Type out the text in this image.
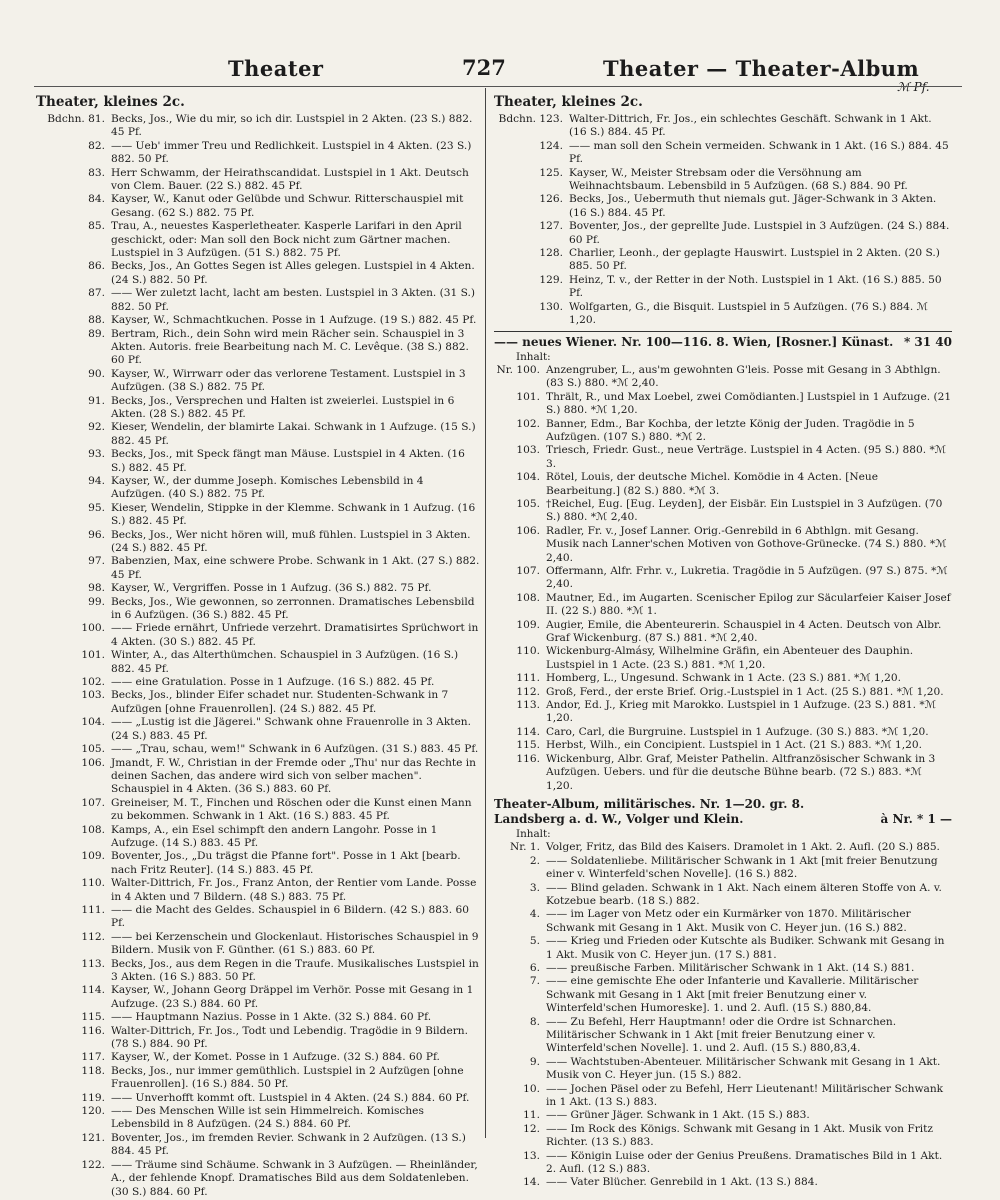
Theater	727	Theater — Theater-Album
ℳ Pf.
Theater, kleines 2c.
Bdchn. 81. Becks, Jos., Wie du mir, so ich dir. Lustspiel in 2 Akten. (23 S.) 882. 45 Pf.
82. —— Ueb' immer Treu und Redlichkeit. Lustspiel in 4 Akten. (23 S.) 882. 50 Pf.
83. Herr Schwamm, der Heirathscandidat. Lustspiel in 1 Akt. Deutsch von Clem. Bauer. (22 S.) 882. 45 Pf.
84. Kayser, W., Kanut oder Gelübde und Schwur. Ritterschauspiel mit Gesang. (62 S.) 882. 75 Pf.
85. Trau, A., neuestes Kasperletheater. Kasperle Larifari in den April geschickt, oder: Man soll den Bock nicht zum Gärtner machen. Lustspiel in 3 Aufzügen. (51 S.) 882. 75 Pf.
86. Becks, Jos., An Gottes Segen ist Alles gelegen. Lustspiel in 4 Akten. (24 S.) 882. 50 Pf.
87. —— Wer zuletzt lacht, lacht am besten. Lustspiel in 3 Akten. (31 S.) 882. 50 Pf.
88. Kayser, W., Schmachtkuchen. Posse in 1 Aufzuge. (19 S.) 882. 45 Pf.
89. Bertram, Rich., dein Sohn wird mein Rächer sein. Schauspiel in 3 Akten. Autoris. freie Bearbeitung nach M. C. Levêque. (38 S.) 882. 60 Pf.
90. Kayser, W., Wirrwarr oder das verlorene Testament. Lustspiel in 3 Aufzügen. (38 S.) 882. 75 Pf.
91. Becks, Jos., Versprechen und Halten ist zweierlei. Lustspiel in 6 Akten. (28 S.) 882. 45 Pf.
92. Kieser, Wendelin, der blamirte Lakai. Schwank in 1 Aufzuge. (15 S.) 882. 45 Pf.
93. Becks, Jos., mit Speck fängt man Mäuse. Lustspiel in 4 Akten. (16 S.) 882. 45 Pf.
94. Kayser, W., der dumme Joseph. Komisches Lebensbild in 4 Aufzügen. (40 S.) 882. 75 Pf.
95. Kieser, Wendelin, Stippke in der Klemme. Schwank in 1 Aufzug. (16 S.) 882. 45 Pf.
96. Becks, Jos., Wer nicht hören will, muß fühlen. Lustspiel in 3 Akten. (24 S.) 882. 45 Pf.
97. Babenzien, Max, eine schwere Probe. Schwank in 1 Akt. (27 S.) 882. 45 Pf.
98. Kayser, W., Vergriffen. Posse in 1 Aufzug. (36 S.) 882. 75 Pf.
99. Becks, Jos., Wie gewonnen, so zerronnen. Dramatisches Lebensbild in 6 Aufzügen. (36 S.) 882. 45 Pf.
100. —— Friede ernährt, Unfriede verzehrt. Dramatisirtes Sprüchwort in 4 Akten. (30 S.) 882. 45 Pf.
101. Winter, A., das Alterthümchen. Schauspiel in 3 Aufzügen. (16 S.) 882. 45 Pf.
102. —— eine Gratulation. Posse in 1 Aufzuge. (16 S.) 882. 45 Pf.
103. Becks, Jos., blinder Eifer schadet nur. Studenten-Schwank in 7 Aufzügen [ohne Frauenrollen]. (24 S.) 882. 45 Pf.
104. —— „Lustig ist die Jägerei." Schwank ohne Frauenrolle in 3 Akten. (24 S.) 883. 45 Pf.
105. —— „Trau, schau, wem!" Schwank in 6 Aufzügen. (31 S.) 883. 45 Pf.
106. Jmandt, F. W., Christian in der Fremde oder „Thu' nur das Rechte in deinen Sachen, das andere wird sich von selber machen". Schauspiel in 4 Akten. (36 S.) 883. 60 Pf.
107. Greineiser, M. T., Finchen und Röschen oder die Kunst einen Mann zu bekommen. Schwank in 1 Akt. (16 S.) 883. 45 Pf.
108. Kamps, A., ein Esel schimpft den andern Langohr. Posse in 1 Aufzuge. (14 S.) 883. 45 Pf.
109. Boventer, Jos., „Du trägst die Pfanne fort". Posse in 1 Akt [bearb. nach Fritz Reuter]. (14 S.) 883. 45 Pf.
110. Walter-Dittrich, Fr. Jos., Franz Anton, der Rentier vom Lande. Posse in 4 Akten und 7 Bildern. (48 S.) 883. 75 Pf.
111. —— die Macht des Geldes. Schauspiel in 6 Bildern. (42 S.) 883. 60 Pf.
112. —— bei Kerzenschein und Glockenlaut. Historisches Schauspiel in 9 Bildern. Musik von F. Günther. (61 S.) 883. 60 Pf.
113. Becks, Jos., aus dem Regen in die Traufe. Musikalisches Lustspiel in 3 Akten. (16 S.) 883. 50 Pf.
114. Kayser, W., Johann Georg Dräppel im Verhör. Posse mit Gesang in 1 Aufzuge. (23 S.) 884. 60 Pf.
115. —— Hauptmann Nazius. Posse in 1 Akte. (32 S.) 884. 60 Pf.
116. Walter-Dittrich, Fr. Jos., Todt und Lebendig. Tragödie in 9 Bildern. (78 S.) 884. 90 Pf.
117. Kayser, W., der Komet. Posse in 1 Aufzuge. (32 S.) 884. 60 Pf.
118. Becks, Jos., nur immer gemüthlich. Lustspiel in 2 Aufzügen [ohne Frauenrollen]. (16 S.) 884. 50 Pf.
119. —— Unverhofft kommt oft. Lustspiel in 4 Akten. (24 S.) 884. 60 Pf.
120. —— Des Menschen Wille ist sein Himmelreich. Komisches Lebensbild in 8 Aufzügen. (24 S.) 884. 60 Pf.
121. Boventer, Jos., im fremden Revier. Schwank in 2 Aufzügen. (13 S.) 884. 45 Pf.
122. —— Träume sind Schäume. Schwank in 3 Aufzügen. — Rheinländer, A., der fehlende Knopf. Dramatisches Bild aus dem Soldatenleben. (30 S.) 884. 60 Pf.
Theater, kleines 2c.
Bdchn. 123. Walter-Dittrich, Fr. Jos., ein schlechtes Geschäft. Schwank in 1 Akt. (16 S.) 884. 45 Pf.
124. —— man soll den Schein vermeiden. Schwank in 1 Akt. (16 S.) 884. 45 Pf.
125. Kayser, W., Meister Strebsam oder die Versöhnung am Weihnachtsbaum. Lebensbild in 5 Aufzügen. (68 S.) 884. 90 Pf.
126. Becks, Jos., Uebermuth thut niemals gut. Jäger-Schwank in 3 Akten. (16 S.) 884. 45 Pf.
127. Boventer, Jos., der geprellte Jude. Lustspiel in 3 Aufzügen. (24 S.) 884. 60 Pf.
128. Charlier, Leonh., der geplagte Hauswirt. Lustspiel in 2 Akten. (20 S.) 885. 50 Pf.
129. Heinz, T. v., der Retter in der Noth. Lustspiel in 1 Akt. (16 S.) 885. 50 Pf.
130. Wolfgarten, G., die Bisquit. Lustspiel in 5 Aufzügen. (76 S.) 884. ℳ 1,20.
—— neues Wiener. Nr. 100—116. 8. Wien, [Rosner.] Künast. * 31 40
Inhalt:
Nr. 100. Anzengruber, L., aus'm gewohnten G'leis. Posse mit Gesang in 3 Abthlgn. (83 S.) 880. *ℳ 2,40.
101. Thrält, R., und Max Loebel, zwei Comödianten.] Lustspiel in 1 Aufzuge. (21 S.) 880. *ℳ 1,20.
102. Banner, Edm., Bar Kochba, der letzte König der Juden. Tragödie in 5 Aufzügen. (107 S.) 880. *ℳ 2.
103. Triesch, Friedr. Gust., neue Verträge. Lustspiel in 4 Acten. (95 S.) 880. *ℳ 3.
104. Rötel, Louis, der deutsche Michel. Komödie in 4 Acten. [Neue Bearbeitung.] (82 S.) 880. *ℳ 3.
105. †Reichel, Eug. [Eug. Leyden], der Eisbär. Ein Lustspiel in 3 Aufzügen. (70 S.) 880. *ℳ 2,40.
106. Radler, Fr. v., Josef Lanner. Orig.-Genrebild in 6 Abthlgn. mit Gesang. Musik nach Lanner'schen Motiven von Gothove-Grünecke. (74 S.) 880. *ℳ 2,40.
107. Offermann, Alfr. Frhr. v., Lukretia. Tragödie in 5 Aufzügen. (97 S.) 875. *ℳ 2,40.
108. Mautner, Ed., im Augarten. Scenischer Epilog zur Säcularfeier Kaiser Josef II. (22 S.) 880. *ℳ 1.
109. Augier, Emile, die Abenteurerin. Schauspiel in 4 Acten. Deutsch von Albr. Graf Wickenburg. (87 S.) 881. *ℳ 2,40.
110. Wickenburg-Almásy, Wilhelmine Gräfin, ein Abenteuer des Dauphin. Lustspiel in 1 Acte. (23 S.) 881. *ℳ 1,20.
111. Homberg, L., Ungesund. Schwank in 1 Acte. (23 S.) 881. *ℳ 1,20.
112. Groß, Ferd., der erste Brief. Orig.-Lustspiel in 1 Act. (25 S.) 881. *ℳ 1,20.
113. Andor, Ed. J., Krieg mit Marokko. Lustspiel in 1 Aufzuge. (23 S.) 881. *ℳ 1,20.
114. Caro, Carl, die Burgruine. Lustspiel in 1 Aufzuge. (30 S.) 883. *ℳ 1,20.
115. Herbst, Wilh., ein Concipient. Lustspiel in 1 Act. (21 S.) 883. *ℳ 1,20.
116. Wickenburg, Albr. Graf, Meister Pathelin. Altfranzösischer Schwank in 3 Aufzügen. Uebers. und für die deutsche Bühne bearb. (72 S.) 883. *ℳ 1,20.
Theater-Album, militärisches. Nr. 1—20. gr. 8. Landsberg a. d. W., Volger und Klein.	à Nr. * 1 —
Inhalt:
Nr. 1. Volger, Fritz, das Bild des Kaisers. Dramolet in 1 Akt. 2. Aufl. (20 S.) 885.
2. —— Soldatenliebe. Militärischer Schwank in 1 Akt [mit freier Benutzung einer v. Winterfeld'schen Novelle]. (16 S.) 882.
3. —— Blind geladen. Schwank in 1 Akt. Nach einem älteren Stoffe von A. v. Kotzebue bearb. (18 S.) 882.
4. —— im Lager von Metz oder ein Kurmärker von 1870. Militärischer Schwank mit Gesang in 1 Akt. Musik von C. Heyer jun. (16 S.) 882.
5. —— Krieg und Frieden oder Kutschte als Budiker. Schwank mit Gesang in 1 Akt. Musik von C. Heyer jun. (17 S.) 881.
6. —— preußische Farben. Militärischer Schwank in 1 Akt. (14 S.) 881.
7. —— eine gemischte Ehe oder Infanterie und Kavallerie. Militärischer Schwank mit Gesang in 1 Akt [mit freier Benutzung einer v. Winterfeld'schen Humoreske]. 1. und 2. Aufl. (15 S.) 880,84.
8. —— Zu Befehl, Herr Hauptmann! oder die Ordre ist Schnarchen. Militärischer Schwank in 1 Akt [mit freier Benutzung einer v. Winterfeld'schen Novelle]. 1. und 2. Aufl. (15 S.) 880,83,4.
9. —— Wachtstuben-Abenteuer. Militärischer Schwank mit Gesang in 1 Akt. Musik von C. Heyer jun. (15 S.) 882.
10. —— Jochen Päsel oder zu Befehl, Herr Lieutenant! Militärischer Schwank in 1 Akt. (13 S.) 883.
11. —— Grüner Jäger. Schwank in 1 Akt. (15 S.) 883.
12. —— Im Rock des Königs. Schwank mit Gesang in 1 Akt. Musik von Fritz Richter. (13 S.) 883.
13. —— Königin Luise oder der Genius Preußens. Dramatisches Bild in 1 Akt. 2. Aufl. (12 S.) 883.
14. —— Vater Blücher. Genrebild in 1 Akt. (13 S.) 884.
